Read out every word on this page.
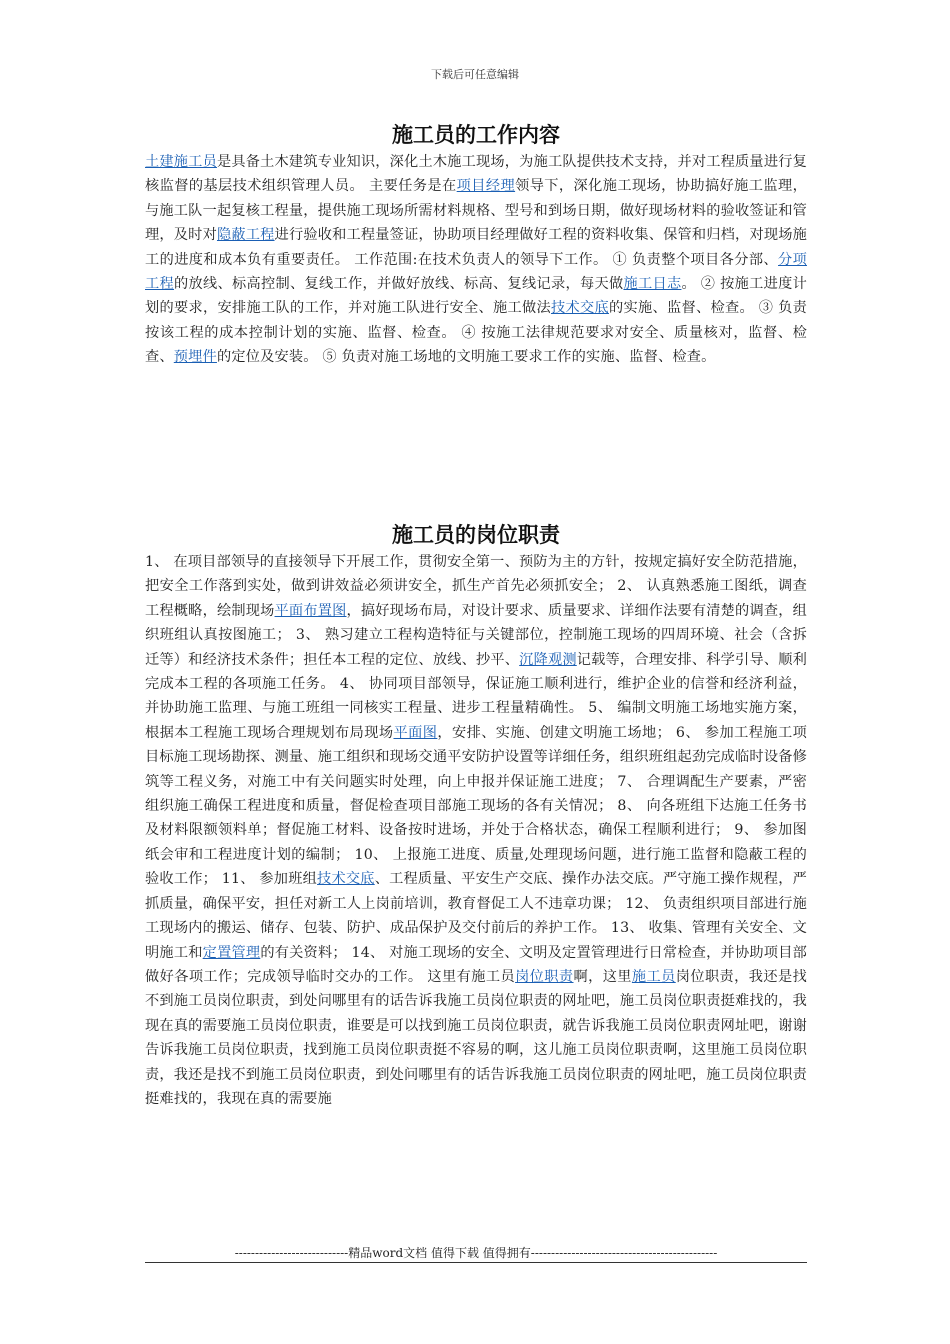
下载后可任意编辑
施工员的工作内容

土建施工员是具备土木建筑专业知识，深化土木施工现场，为施工队提供技术支持，并对工程质量进行复核监督的基层技术组织管理人员。 主要任务是在项目经理领导下，深化施工现场，协助搞好施工监理，与施工队一起复核工程量，提供施工现场所需材料规格、型号和到场日期，做好现场材料的验收签证和管理，及时对隐蔽工程进行验收和工程量签证，协助项目经理做好工程的资料收集、保管和归档，对现场施工的进度和成本负有重要责任。 工作范围:在技术负责人的领导下工作。 ① 负责整个项目各分部、分项工程的放线、标高控制、复线工作，并做好放线、标高、复线记录，每天做施工日志。 ② 按施工进度计划的要求，安排施工队的工作，并对施工队进行安全、施工做法技术交底的实施、监督、检查。 ③ 负责按该工程的成本控制计划的实施、监督、检查。 ④ 按施工法律规范要求对安全、质量核对，监督、检查、预埋件的定位及安装。 ⑤ 负责对施工场地的文明施工要求工作的实施、监督、检查。

施工员的岗位职责

1、 在项目部领导的直接领导下开展工作，贯彻安全第一、预防为主的方针，按规定搞好安全防范措施，把安全工作落到实处，做到讲效益必须讲安全，抓生产首先必须抓安全； 2、 认真熟悉施工图纸，调查工程概略，绘制现场平面布置图，搞好现场布局，对设计要求、质量要求、详细作法要有清楚的调查，组织班组认真按图施工； 3、 熟习建立工程构造特征与关键部位，控制施工现场的四周环境、社会（含拆迁等）和经济技术条件；担任本工程的定位、放线、抄平、沉降观测记载等，合理安排、科学引导、顺利完成本工程的各项施工任务。 4、 协同项目部领导，保证施工顺利进行，维护企业的信誉和经济利益，并协助施工监理、与施工班组一同核实工程量、进步工程量精确性。 5、 编制文明施工场地实施方案，根据本工程施工现场合理规划布局现场平面图，安排、实施、创建文明施工场地； 6、 参加工程施工项目标施工现场勘探、测量、施工组织和现场交通平安防护设置等详细任务，组织班组起劲完成临时设备修筑等工程义务，对施工中有关问题实时处理，向上申报并保证施工进度； 7、 合理调配生产要素，严密组织施工确保工程进度和质量，督促检查项目部施工现场的各有关情况； 8、 向各班组下达施工任务书及材料限额领料单；督促施工材料、设备按时进场，并处于合格状态，确保工程顺利进行； 9、 参加图纸会审和工程进度计划的编制； 10、 上报施工进度、质量,处理现场问题，进行施工监督和隐蔽工程的验收工作； 11、 参加班组技术交底、工程质量、平安生产交底、操作办法交底。严守施工操作规程，严抓质量，确保平安，担任对新工人上岗前培训，教育督促工人不违章功课； 12、 负责组织项目部进行施工现场内的搬运、储存、包装、防护、成品保护及交付前后的养护工作。 13、 收集、管理有关安全、文明施工和定置管理的有关资料； 14、 对施工现场的安全、文明及定置管理进行日常检查，并协助项目部做好各项工作；完成领导临时交办的工作。 这里有施工员岗位职责啊，这里施工员岗位职责，我还是找不到施工员岗位职责，到处问哪里有的话告诉我施工员岗位职责的网址吧，施工员岗位职责挺难找的，我现在真的需要施工员岗位职责，谁要是可以找到施工员岗位职责，就告诉我施工员岗位职责网址吧，谢谢告诉我施工员岗位职责，找到施工员岗位职责挺不容易的啊，这儿施工员岗位职责啊，这里施工员岗位职责，我还是找不到施工员岗位职责，到处问哪里有的话告诉我施工员岗位职责的网址吧，施工员岗位职责挺难找的，我现在真的需要施

----------------------------精品word文档 值得下载 值得拥有----------------------------------------------
